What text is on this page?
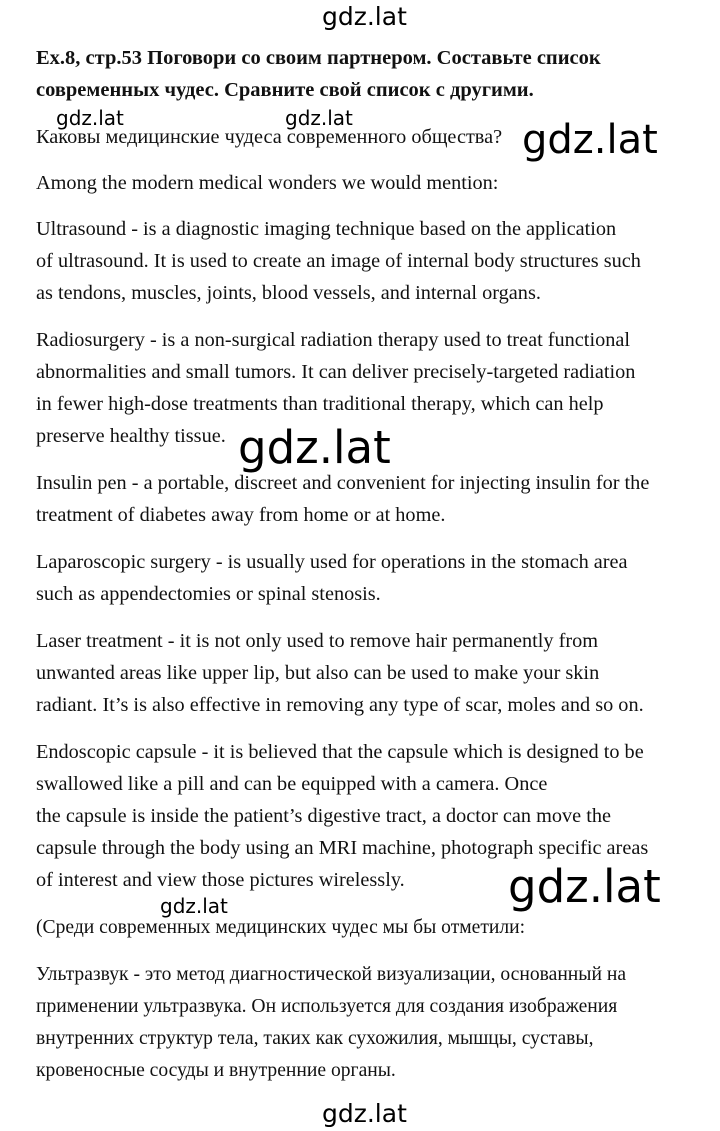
gdz.lat
gdz.lat	gdz.lat	gdz.lat
gdz.lat
gdz.lat
gdz.lat
gdz.lat
Ex.8, стр.53 Поговори со своим партнером. Составьте список
современных чудес. Сравните свой список с другими.
Каковы медицинские чудеса современного общества?
Among the modern medical wonders we would mention:
Ultrasound - is a diagnostic imaging technique based on the application
of ultrasound. It is used to create an image of internal body structures such
as tendons, muscles, joints, blood vessels, and internal organs.
Radiosurgery - is a non-surgical radiation therapy used to treat functional
abnormalities and small tumors. It can deliver precisely-targeted radiation
in fewer high-dose treatments than traditional therapy, which can help
preserve healthy tissue.
Insulin pen - a portable, discreet and convenient for injecting insulin for the
treatment of diabetes away from home or at home.
Laparoscopic surgery - is usually used for operations in the stomach area
such as appendectomies or spinal stenosis.
Laser treatment - it is not only used to remove hair permanently from
unwanted areas like upper lip, but also can be used to make your skin
radiant. It’s is also effective in removing any type of scar, moles and so on.
Endoscopic capsule - it is believed that the capsule which is designed to be
swallowed like a pill and can be equipped with a camera. Once
the capsule is inside the patient’s digestive tract, a doctor can move the
capsule through the body using an MRI machine, photograph specific areas
of interest and view those pictures wirelessly.
(Среди современных медицинских чудес мы бы отметили:
Ультразвук - это метод диагностической визуализации, основанный на
применении ультразвука. Он используется для создания изображения
внутренних структур тела, таких как сухожилия, мышцы, суставы,
кровеносные сосуды и внутренние органы.
